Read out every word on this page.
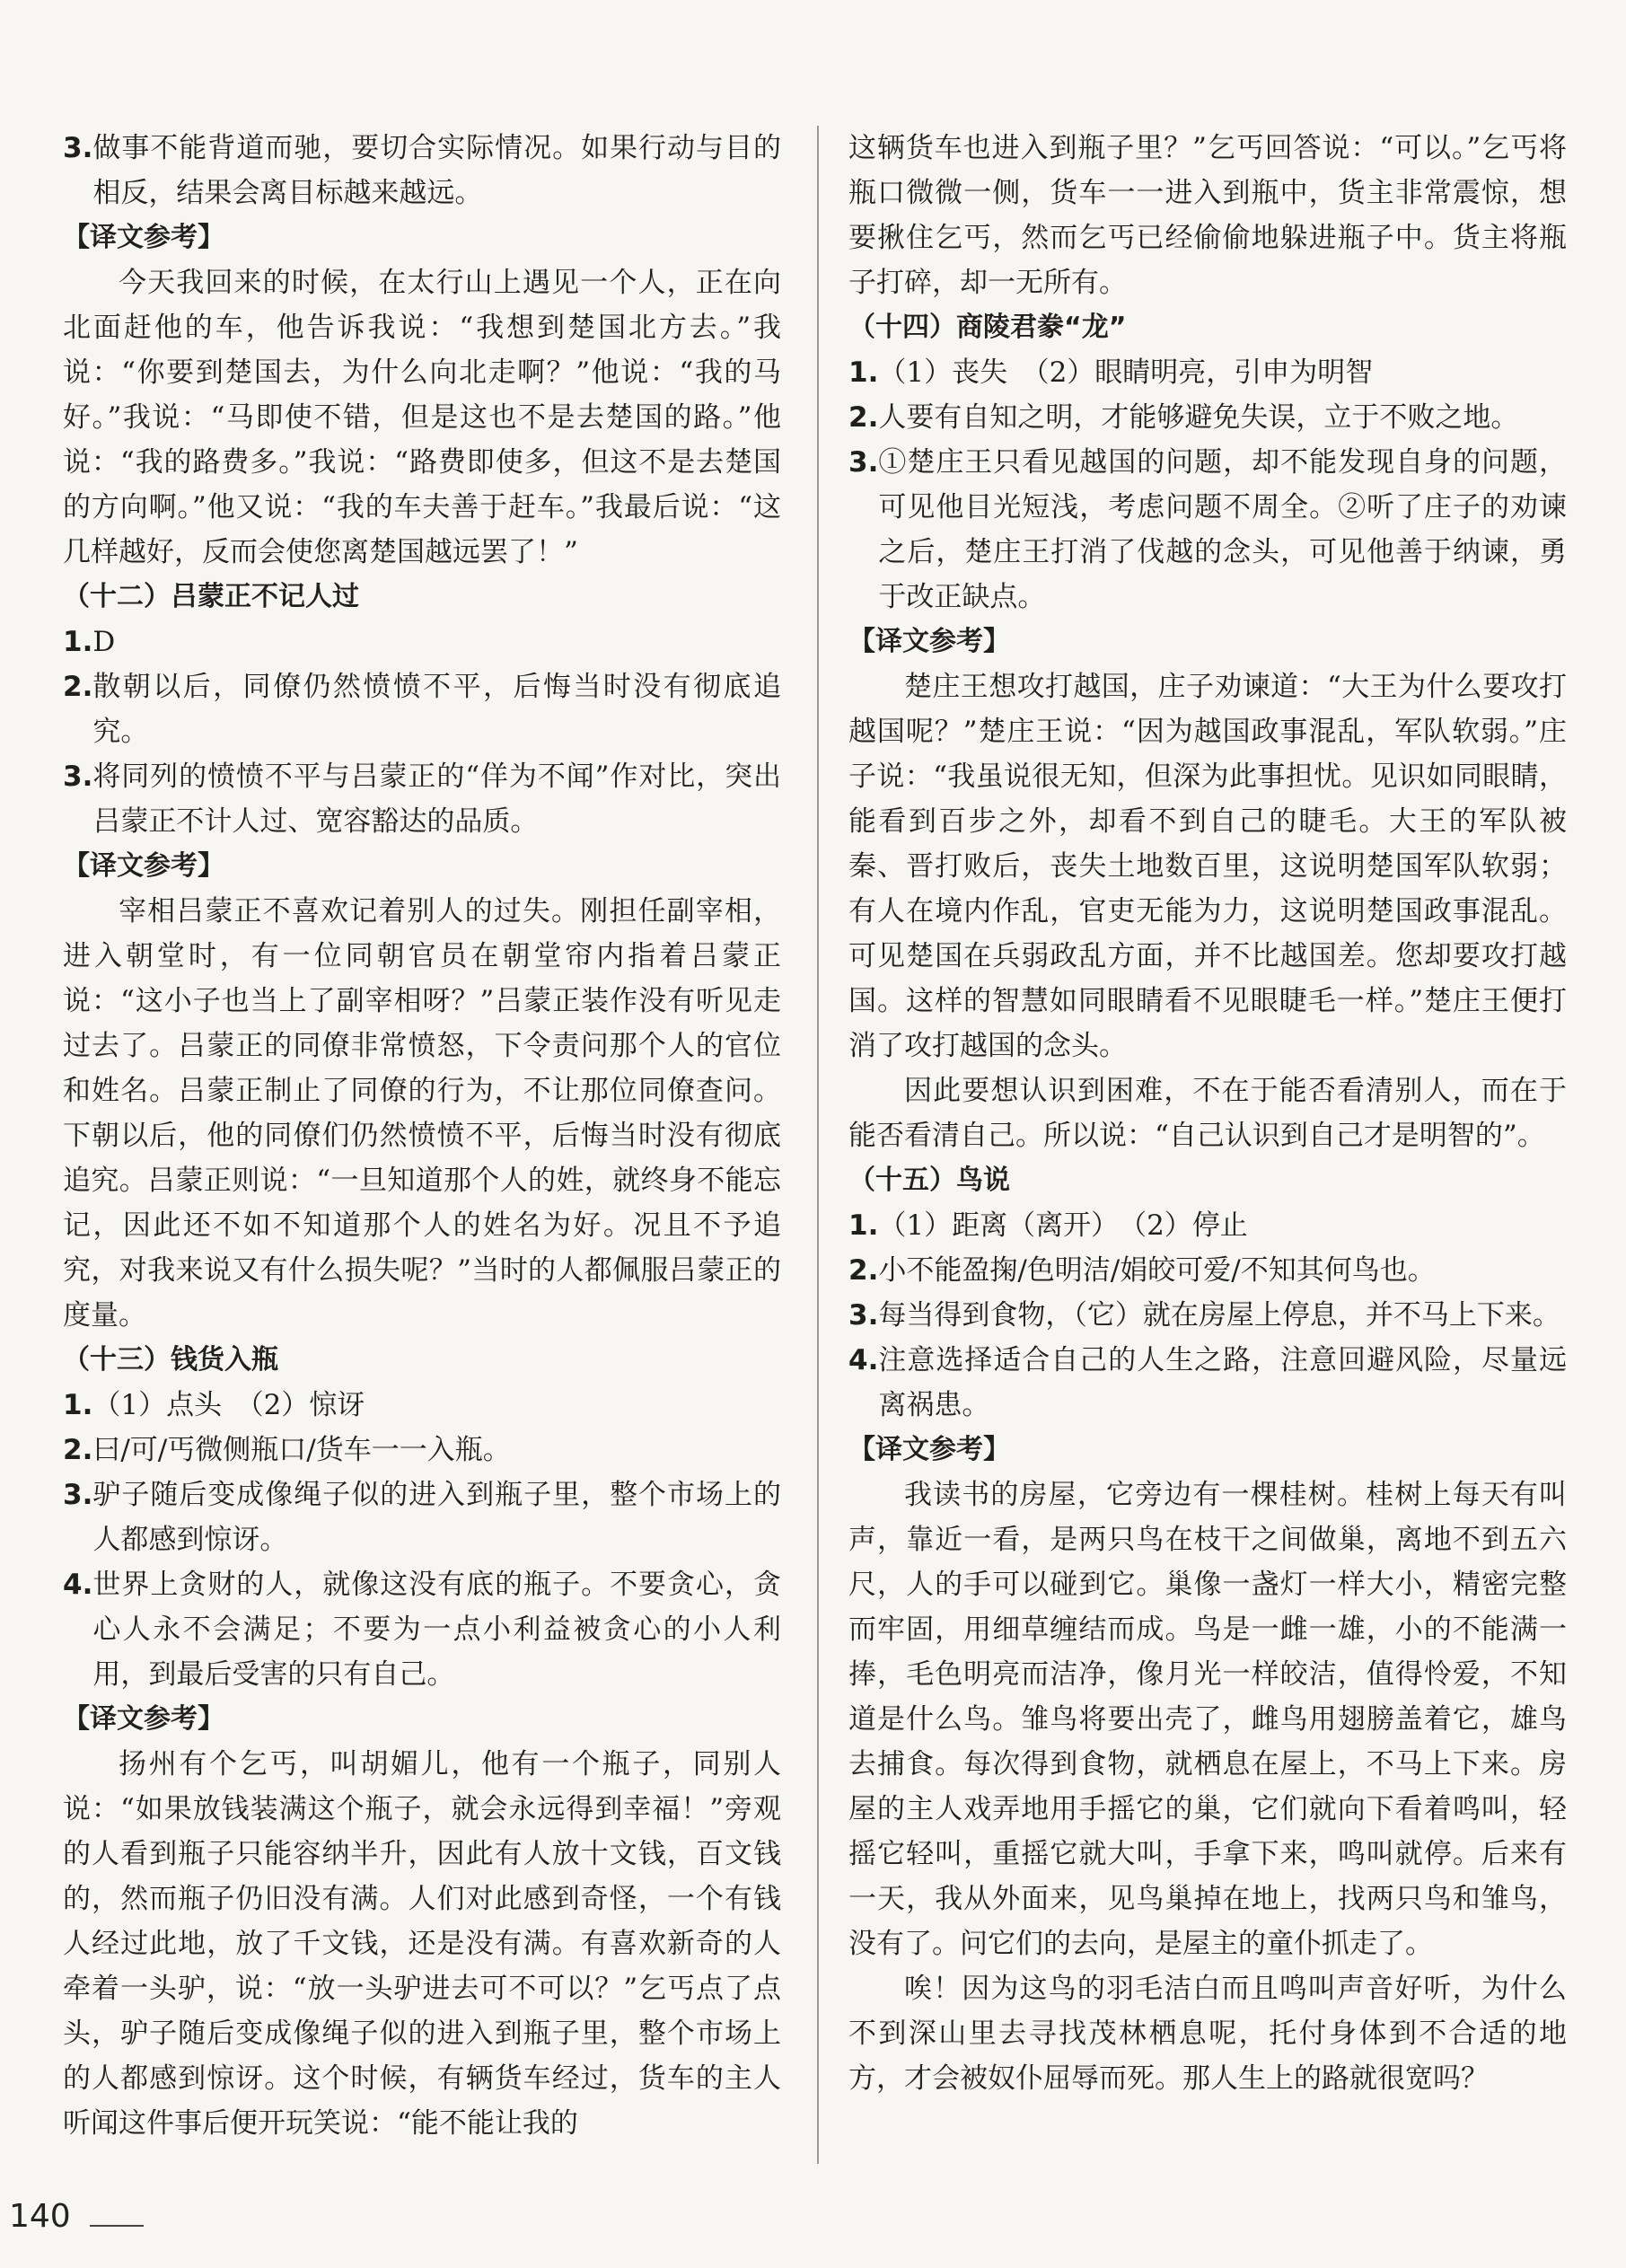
3. 做事不能背道而驰，要切合实际情况。如果行动与目的相反，结果会离目标越来越远。
【译文参考】

今天我回来的时候，在太行山上遇见一个人，正在向北面赶他的车，他告诉我说：“我想到楚国北方去。”我说：“你要到楚国去，为什么向北走啊？”他说：“我的马好。”我说：“马即使不错，但是这也不是去楚国的路。”他说：“我的路费多。”我说：“路费即使多，但这不是去楚国的方向啊。”他又说：“我的车夫善于赶车。”我最后说：“这几样越好，反而会使您离楚国越远罢了！”

（十二）吕蒙正不记人过
1. D
2. 散朝以后，同僚仍然愤愤不平，后悔当时没有彻底追究。
3. 将同列的愤愤不平与吕蒙正的“佯为不闻”作对比，突出吕蒙正不计人过、宽容豁达的品质。
【译文参考】

宰相吕蒙正不喜欢记着别人的过失。刚担任副宰相，进入朝堂时，有一位同朝官员在朝堂帘内指着吕蒙正说：“这小子也当上了副宰相呀？”吕蒙正装作没有听见走过去了。吕蒙正的同僚非常愤怒，下令责问那个人的官位和姓名。吕蒙正制止了同僚的行为，不让那位同僚查问。下朝以后，他的同僚们仍然愤愤不平，后悔当时没有彻底追究。吕蒙正则说：“一旦知道那个人的姓，就终身不能忘记，因此还不如不知道那个人的姓名为好。况且不予追究，对我来说又有什么损失呢？”当时的人都佩服吕蒙正的度量。

（十三）钱货入瓶
1. （1）点头　（2）惊讶
2. 曰/可/丐微侧瓶口/货车一一入瓶。
3. 驴子随后变成像绳子似的进入到瓶子里，整个市场上的人都感到惊讶。
4. 世界上贪财的人，就像这没有底的瓶子。不要贪心，贪心人永不会满足；不要为一点小利益被贪心的小人利用，到最后受害的只有自己。
【译文参考】

扬州有个乞丐，叫胡媚儿，他有一个瓶子，同别人说：“如果放钱装满这个瓶子，就会永远得到幸福！”旁观的人看到瓶子只能容纳半升，因此有人放十文钱，百文钱的，然而瓶子仍旧没有满。人们对此感到奇怪，一个有钱人经过此地，放了千文钱，还是没有满。有喜欢新奇的人牵着一头驴，说：“放一头驴进去可不可以？”乞丐点了点头，驴子随后变成像绳子似的进入到瓶子里，整个市场上的人都感到惊讶。这个时候，有辆货车经过，货车的主人听闻这件事后便开玩笑说：“能不能让我的

这辆货车也进入到瓶子里？”乞丐回答说：“可以。”乞丐将瓶口微微一侧，货车一一进入到瓶中，货主非常震惊，想要揪住乞丐，然而乞丐已经偷偷地躲进瓶子中。货主将瓶子打碎，却一无所有。

（十四）商陵君豢“龙”
1. （1）丧失　（2）眼睛明亮，引申为明智
2. 人要有自知之明，才能够避免失误，立于不败之地。
3. ①楚庄王只看见越国的问题，却不能发现自身的问题，可见他目光短浅，考虑问题不周全。②听了庄子的劝谏之后，楚庄王打消了伐越的念头，可见他善于纳谏，勇于改正缺点。
【译文参考】

楚庄王想攻打越国，庄子劝谏道：“大王为什么要攻打越国呢？”楚庄王说：“因为越国政事混乱，军队软弱。”庄子说：“我虽说很无知，但深为此事担忧。见识如同眼睛，能看到百步之外，却看不到自己的睫毛。大王的军队被秦、晋打败后，丧失土地数百里，这说明楚国军队软弱；有人在境内作乱，官吏无能为力，这说明楚国政事混乱。可见楚国在兵弱政乱方面，并不比越国差。您却要攻打越国。这样的智慧如同眼睛看不见眼睫毛一样。”楚庄王便打消了攻打越国的念头。

因此要想认识到困难，不在于能否看清别人，而在于能否看清自己。所以说：“自己认识到自己才是明智的”。

（十五）鸟说
1. （1）距离（离开）　（2）停止
2. 小不能盈掬/色明洁/娟皎可爱/不知其何鸟也。
3. 每当得到食物，（它）就在房屋上停息，并不马上下来。
4. 注意选择适合自己的人生之路，注意回避风险，尽量远离祸患。
【译文参考】

我读书的房屋，它旁边有一棵桂树。桂树上每天有叫声，靠近一看，是两只鸟在枝干之间做巢，离地不到五六尺，人的手可以碰到它。巢像一盏灯一样大小，精密完整而牢固，用细草缠结而成。鸟是一雌一雄，小的不能满一捧，毛色明亮而洁净，像月光一样皎洁，值得怜爱，不知道是什么鸟。雏鸟将要出壳了，雌鸟用翅膀盖着它，雄鸟去捕食。每次得到食物，就栖息在屋上，不马上下来。房屋的主人戏弄地用手摇它的巢，它们就向下看着鸣叫，轻摇它轻叫，重摇它就大叫，手拿下来，鸣叫就停。后来有一天，我从外面来，见鸟巢掉在地上，找两只鸟和雏鸟，没有了。问它们的去向，是屋主的童仆抓走了。

唉！因为这鸟的羽毛洁白而且鸣叫声音好听，为什么不到深山里去寻找茂林栖息呢，托付身体到不合适的地方，才会被奴仆屈辱而死。那人生上的路就很宽吗？

140
